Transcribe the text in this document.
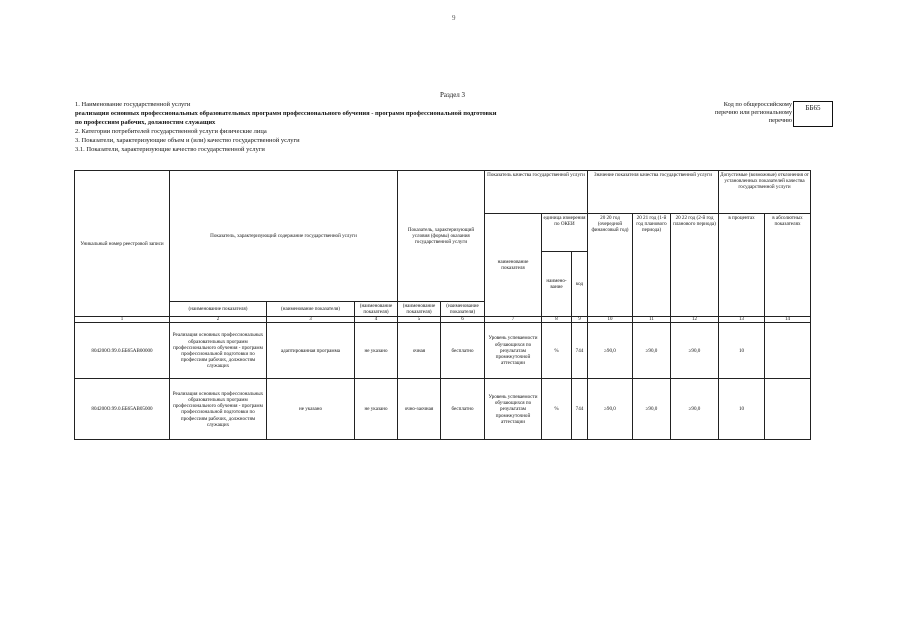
9
Раздел 3
1. Наименование государственной услуги
реализация основных профессиональных образовательных программ профессионального обучения - программ профессиональной подготовки
по профессиям рабочих, должностям служащих
2. Категории потребителей государственной услуги физические лица
3. Показатели, характеризующие объем и (или) качество государственной услуги
3.1. Показатели, характеризующие качество государственной услуги
Код по общероссийскому перечню или региональному перечню
ББ65
Уникальный номер реестровой записи	Показатель, характеризующий содержание государственной услуги			Показатель, характеризующий условия (формы) оказания государственной услуги		Показатель качества государственной услуги			Значение показателя качества государственной услуги			Допустимые (возможные) отклонения от установленных показателей качества государственной услуги	
						наименование показателя	единица измерения по ОКЕИ		20 20 год (очередной финансовый год)	20 21 год (1-й год планового периода)	20 22 год (2-й год планового периода)	в процентах	в абсолютных показателях
							наимено-вание	код					
	(наименование показателя)	(наименование показателя)	(наименование показателя)	(наименование показателя)	(наименование показателя)								
1	2	3	4	5	6	7	8	9	10	11	12	13	14
804200О.99.0.ББ65АВ00000	Реализация основных профессиональных образовательных программ профессионального обучения - программ профессиональной подготовки по профессиям рабочих, должностям служащих	адаптированная программа	не указано	очная	бесплатно	Уровень успеваемости обучающихся по результатам промежуточной аттестации	%	744	≥90,0	≥90,0	≥90,0	10	
804200О.99.0.ББ65АВ05000	Реализация основных профессиональных образовательных программ профессионального обучения - программ профессиональной подготовки по профессиям рабочих, должностям служащих	не указано	не указано	очно-заочная	бесплатно	Уровень успеваемости обучающихся по результатам промежуточной аттестации	%	744	≥90,0	≥90,0	≥90,0	10	
